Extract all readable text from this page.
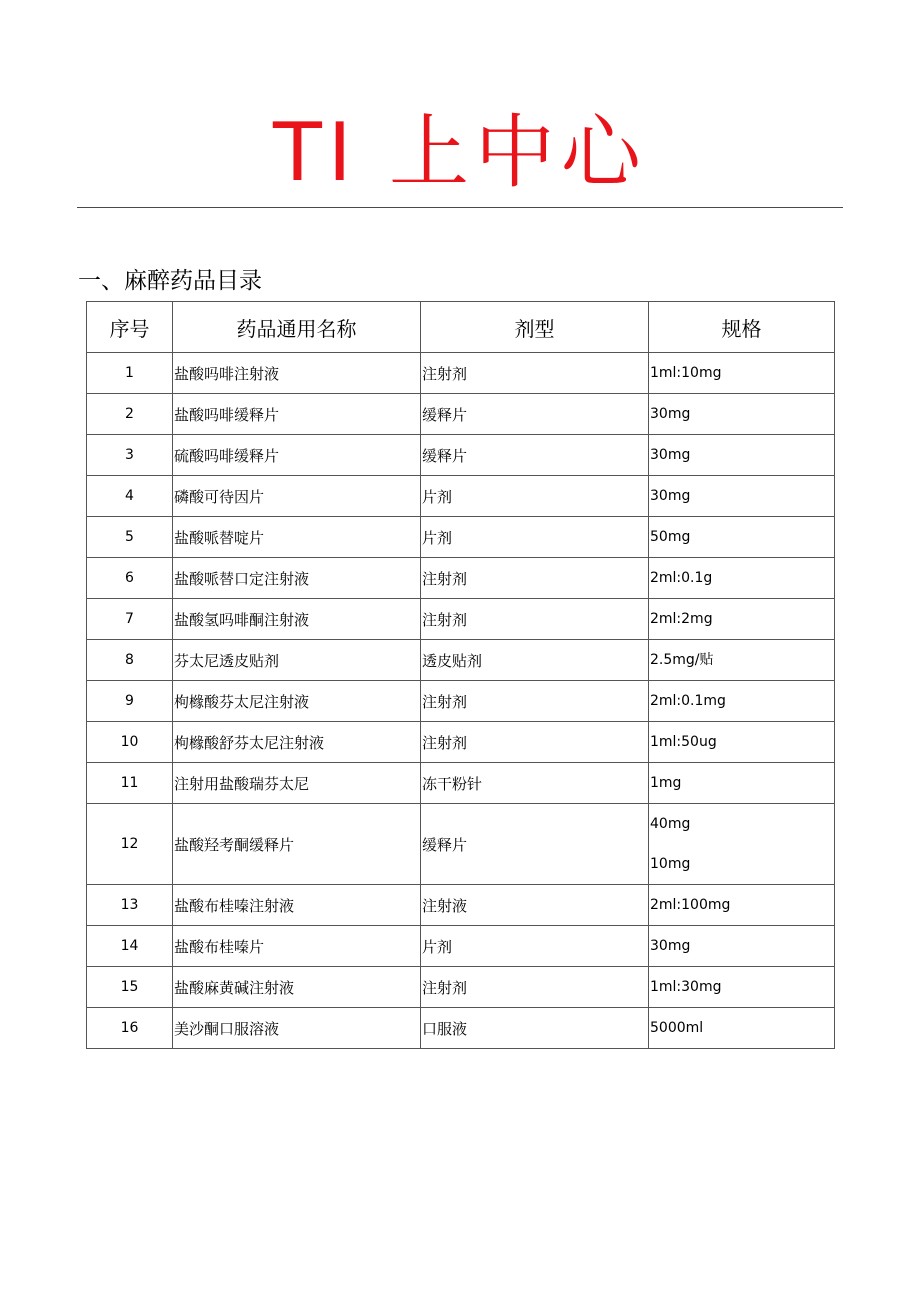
TI 上中心
一、麻醉药品目录
序号	药品通用名称	剂型	规格
1	盐酸吗啡注射液	注射剂	1ml:10mg

2	盐酸吗啡缓释片	缓释片	30mg

3	硫酸吗啡缓释片	缓释片	30mg

4	磷酸可待因片	片剂	30mg

5	盐酸哌替啶片	片剂	50mg

6	盐酸哌替口定注射液	注射剂	2ml:0.1g

7	盐酸氢吗啡酮注射液	注射剂	2ml:2mg

8	芬太尼透皮贴剂	透皮贴剂	2.5mg/贴

9	枸橼酸芬太尼注射液	注射剂	2ml:0.1mg

10	枸橼酸舒芬太尼注射液	注射剂	1ml:50ug

11	注射用盐酸瑞芬太尼	冻干粉针	1mg

12	盐酸羟考酮缓释片	缓释片	40mg
10mg

13	盐酸布桂嗪注射液	注射液	2ml:100mg

14	盐酸布桂嗪片	片剂	30mg

15	盐酸麻黄碱注射液	注射剂	1ml:30mg

16	美沙酮口服溶液	口服液	5000ml
